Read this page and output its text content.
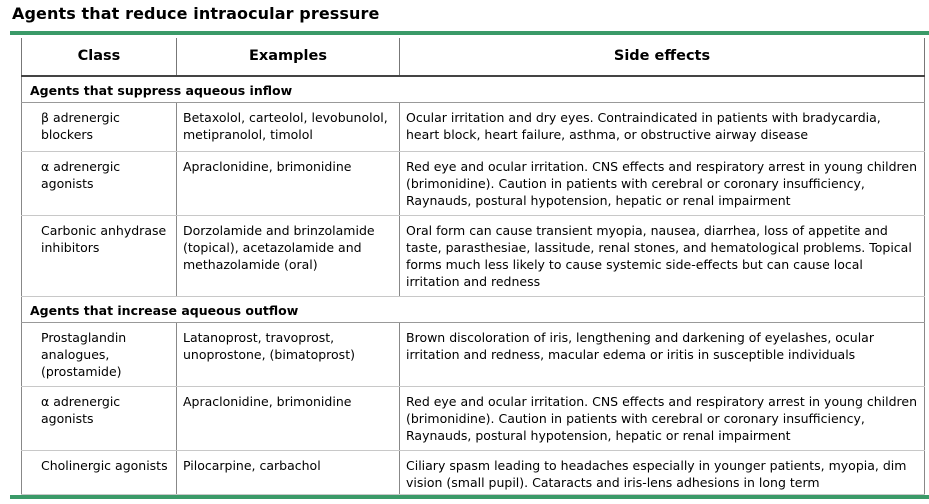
Agents that reduce intraocular pressure
Class	Examples	Side effects
Agents that suppress aqueous inflow		
β adrenergic blockers	Betaxolol, carteolol, levobunolol, metipranolol, timolol	Ocular irritation and dry eyes. Contraindicated in patients with bradycardia, heart block, heart failure, asthma, or obstructive airway disease
α adrenergic agonists	Apraclonidine, brimonidine	Red eye and ocular irritation. CNS effects and respiratory arrest in young children (brimonidine). Caution in patients with cerebral or coronary insufficiency, Raynauds, postural hypotension, hepatic or renal impairment
Carbonic anhydrase inhibitors	Dorzolamide and brinzolamide (topical), acetazolamide and methazolamide (oral)	Oral form can cause transient myopia, nausea, diarrhea, loss of appetite and taste, parasthesiae, lassitude, renal stones, and hematological problems. Topical forms much less likely to cause systemic side-effects but can cause local irritation and redness
Agents that increase aqueous outflow		
Prostaglandin analogues, (prostamide)	Latanoprost, travoprost, unoprostone, (bimatoprost)	Brown discoloration of iris, lengthening and darkening of eyelashes, ocular irritation and redness, macular edema or iritis in susceptible individuals
α adrenergic agonists	Apraclonidine, brimonidine	Red eye and ocular irritation. CNS effects and respiratory arrest in young children (brimonidine). Caution in patients with cerebral or coronary insufficiency, Raynauds, postural hypotension, hepatic or renal impairment
Cholinergic agonists	Pilocarpine, carbachol	Ciliary spasm leading to headaches especially in younger patients, myopia, dim vision (small pupil). Cataracts and iris-lens adhesions in long term
